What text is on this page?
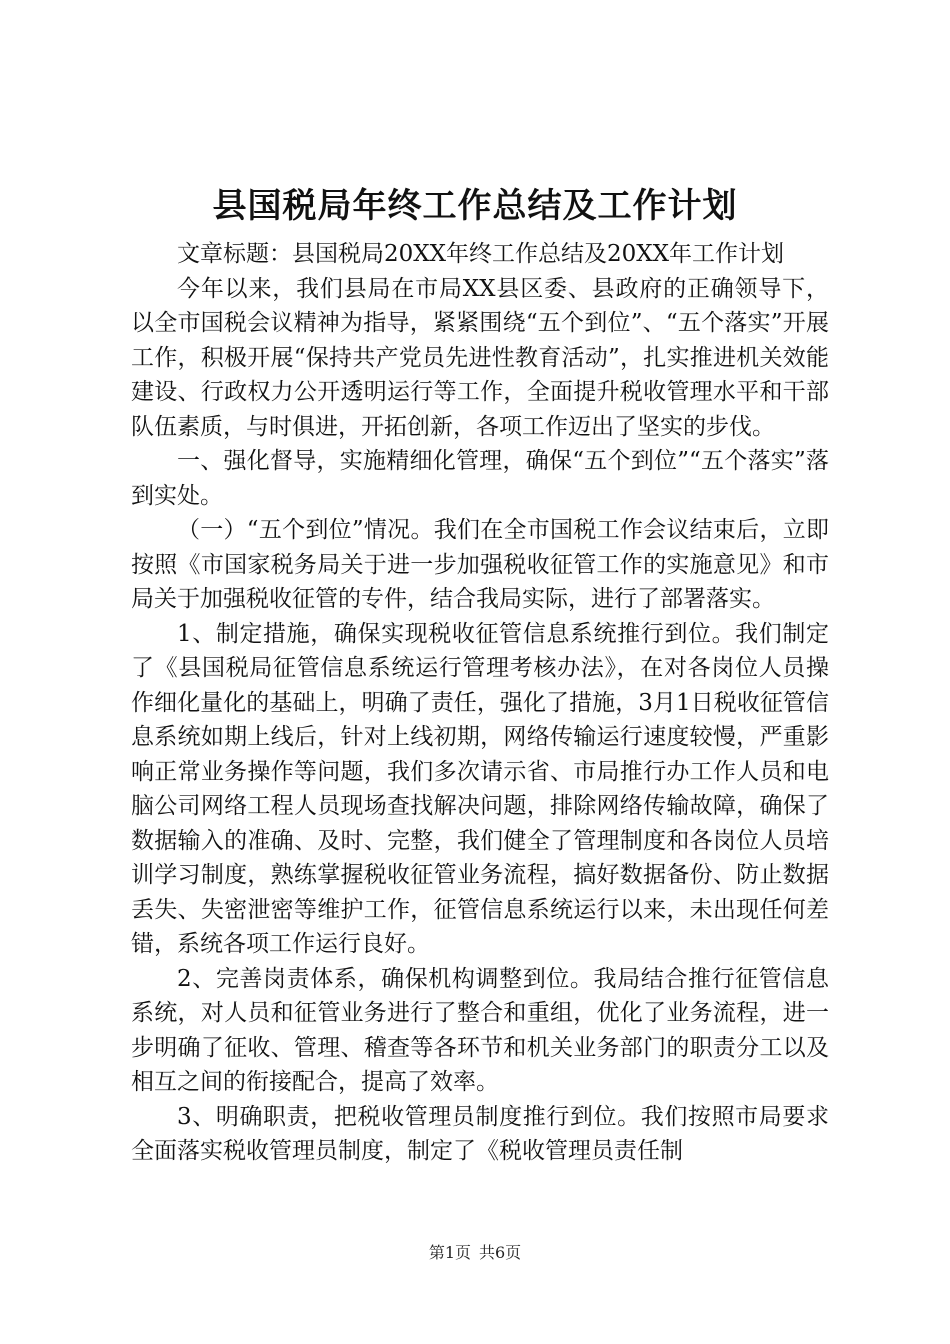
县国税局年终工作总结及工作计划

文章标题：县国税局20XX年终工作总结及20XX年工作计划

今年以来，我们县局在市局XX县区委、县政府的正确领导下，以全市国税会议精神为指导，紧紧围绕“五个到位”、“五个落实”开展工作，积极开展“保持共产党员先进性教育活动”，扎实推进机关效能建设、行政权力公开透明运行等工作，全面提升税收管理水平和干部队伍素质，与时俱进，开拓创新，各项工作迈出了坚实的步伐。

一、强化督导，实施精细化管理，确保“五个到位”“五个落实”落到实处。

（一）“五个到位”情况。我们在全市国税工作会议结束后，立即按照《市国家税务局关于进一步加强税收征管工作的实施意见》和市局关于加强税收征管的专件，结合我局实际，进行了部署落实。

1、制定措施，确保实现税收征管信息系统推行到位。我们制定了《县国税局征管信息系统运行管理考核办法》，在对各岗位人员操作细化量化的基础上，明确了责任，强化了措施，3月1日税收征管信息系统如期上线后，针对上线初期，网络传输运行速度较慢，严重影响正常业务操作等问题，我们多次请示省、市局推行办工作人员和电脑公司网络工程人员现场查找解决问题，排除网络传输故障，确保了数据输入的准确、及时、完整，我们健全了管理制度和各岗位人员培训学习制度，熟练掌握税收征管业务流程，搞好数据备份、防止数据丢失、失密泄密等维护工作，征管信息系统运行以来，未出现任何差错，系统各项工作运行良好。

2、完善岗责体系，确保机构调整到位。我局结合推行征管信息系统，对人员和征管业务进行了整合和重组，优化了业务流程，进一步明确了征收、管理、稽查等各环节和机关业务部门的职责分工以及相互之间的衔接配合，提高了效率。

3、明确职责，把税收管理员制度推行到位。我们按照市局要求全面落实税收管理员制度，制定了《税收管理员责任制

第1页 共6页
